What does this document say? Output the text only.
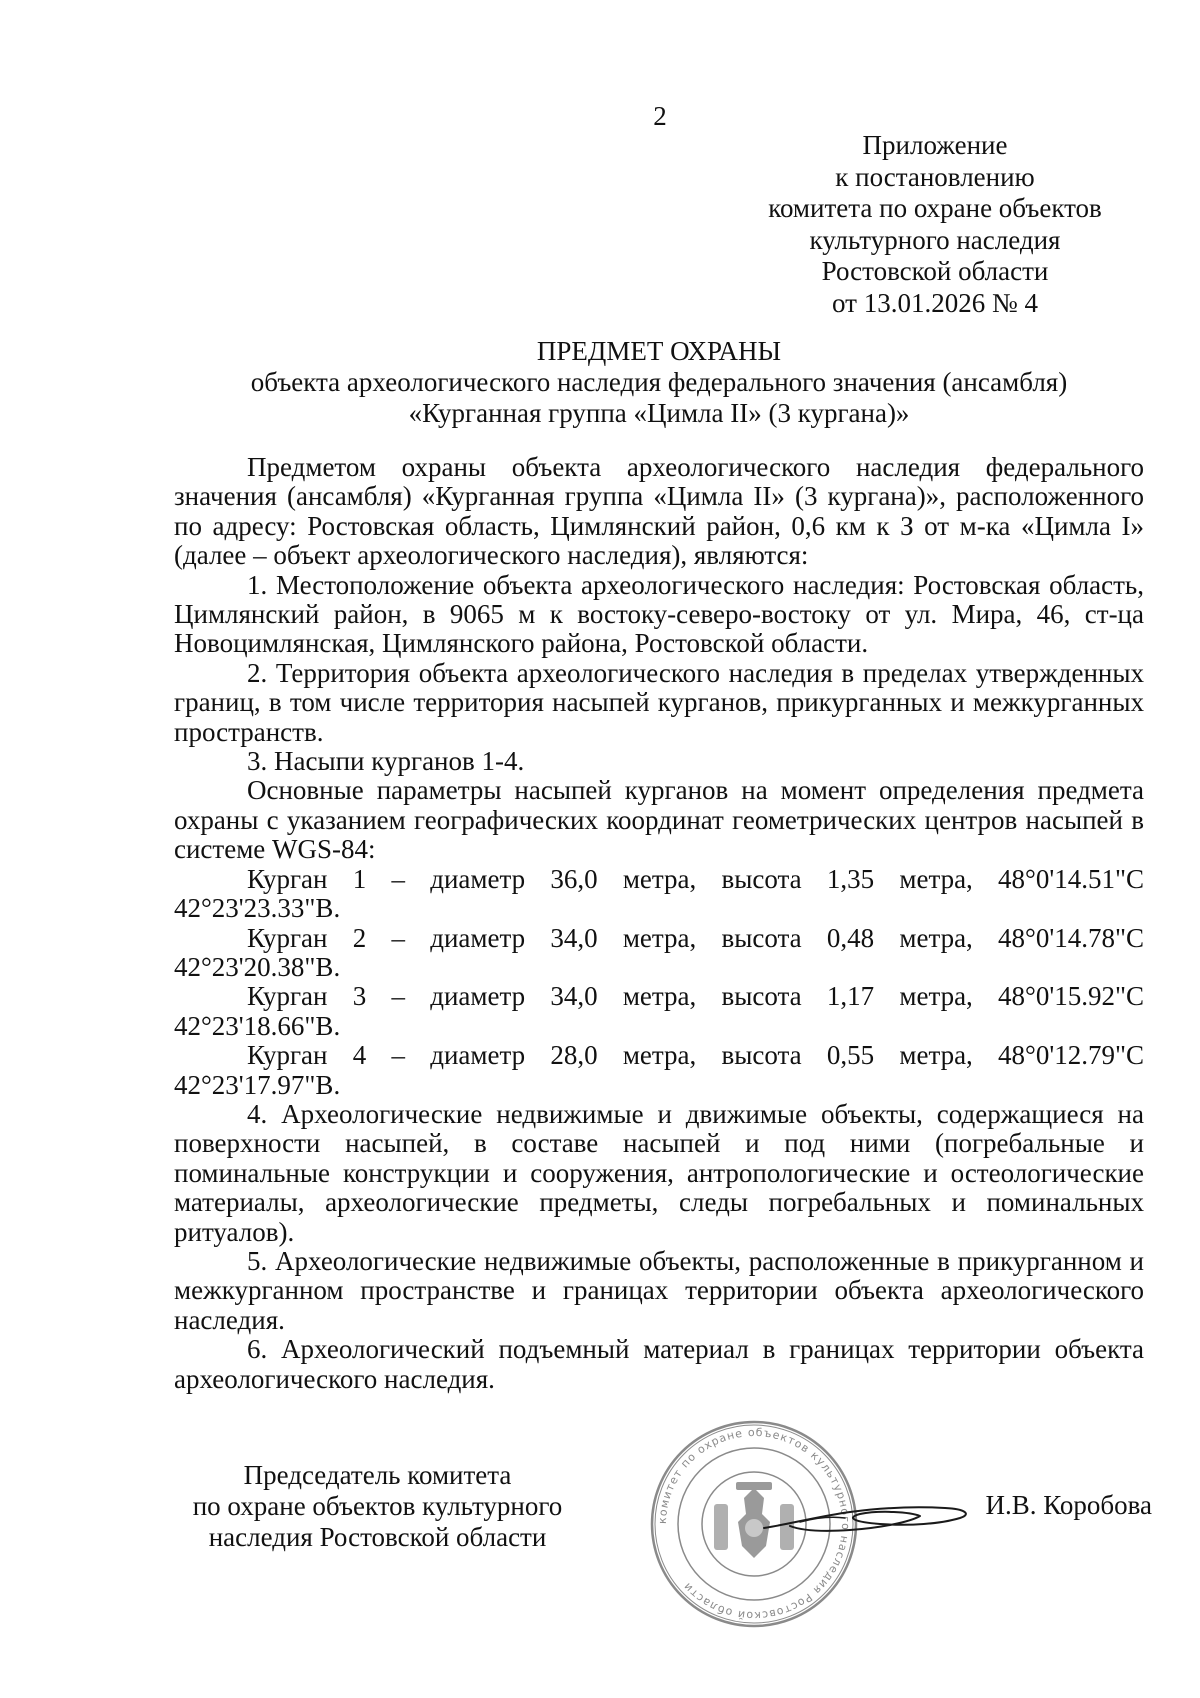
2
Приложение
к постановлению
комитета по охране объектов
культурного наследия
Ростовской области
от 13.01.2026 № 4
ПРЕДМЕТ ОХРАНЫ
объекта археологического наследия федерального значения (ансамбля)
«Курганная группа «Цимла II» (3 кургана)»

Предметом охраны объекта археологического наследия федерального значения (ансамбля) «Курганная группа «Цимла II» (3 кургана)», расположенного по адресу: Ростовская область, Цимлянский район, 0,6 км к З от м-ка «Цимла I» (далее – объект археологического наследия), являются:

1. Местоположение объекта археологического наследия: Ростовская область, Цимлянский район, в 9065 м к востоку-северо-востоку от ул. Мира, 46, ст-ца Новоцимлянская, Цимлянского района, Ростовской области.

2. Территория объекта археологического наследия в пределах утвержденных границ, в том числе территория насыпей курганов, прикурганных и межкурганных пространств.

3. Насыпи курганов 1-4.

Основные параметры насыпей курганов на момент определения предмета охраны с указанием географических координат геометрических центров насыпей в системе WGS-84:

Курган 1 – диаметр 36,0 метра, высота 1,35 метра, 48°0'14.51"С 42°23'23.33"В.

Курган 2 – диаметр 34,0 метра, высота 0,48 метра, 48°0'14.78"С 42°23'20.38"В.

Курган 3 – диаметр 34,0 метра, высота 1,17 метра, 48°0'15.92"С 42°23'18.66"В.

Курган 4 – диаметр 28,0 метра, высота 0,55 метра, 48°0'12.79"С 42°23'17.97"В.

4. Археологические недвижимые и движимые объекты, содержащиеся на поверхности насыпей, в составе насыпей и под ними (погребальные и поминальные конструкции и сооружения, антропологические и остеологические материалы, археологические предметы, следы погребальных и поминальных ритуалов).

5. Археологические недвижимые объекты, расположенные в прикурганном и межкурганном пространстве и границах территории объекта археологического наследия.

6. Археологический подъемный материал в границах территории объекта археологического наследия.

Председатель комитета
по охране объектов культурного
наследия Ростовской области
комитет по охране объектов культурного наследия Ростовской области
И.В. Коробова
